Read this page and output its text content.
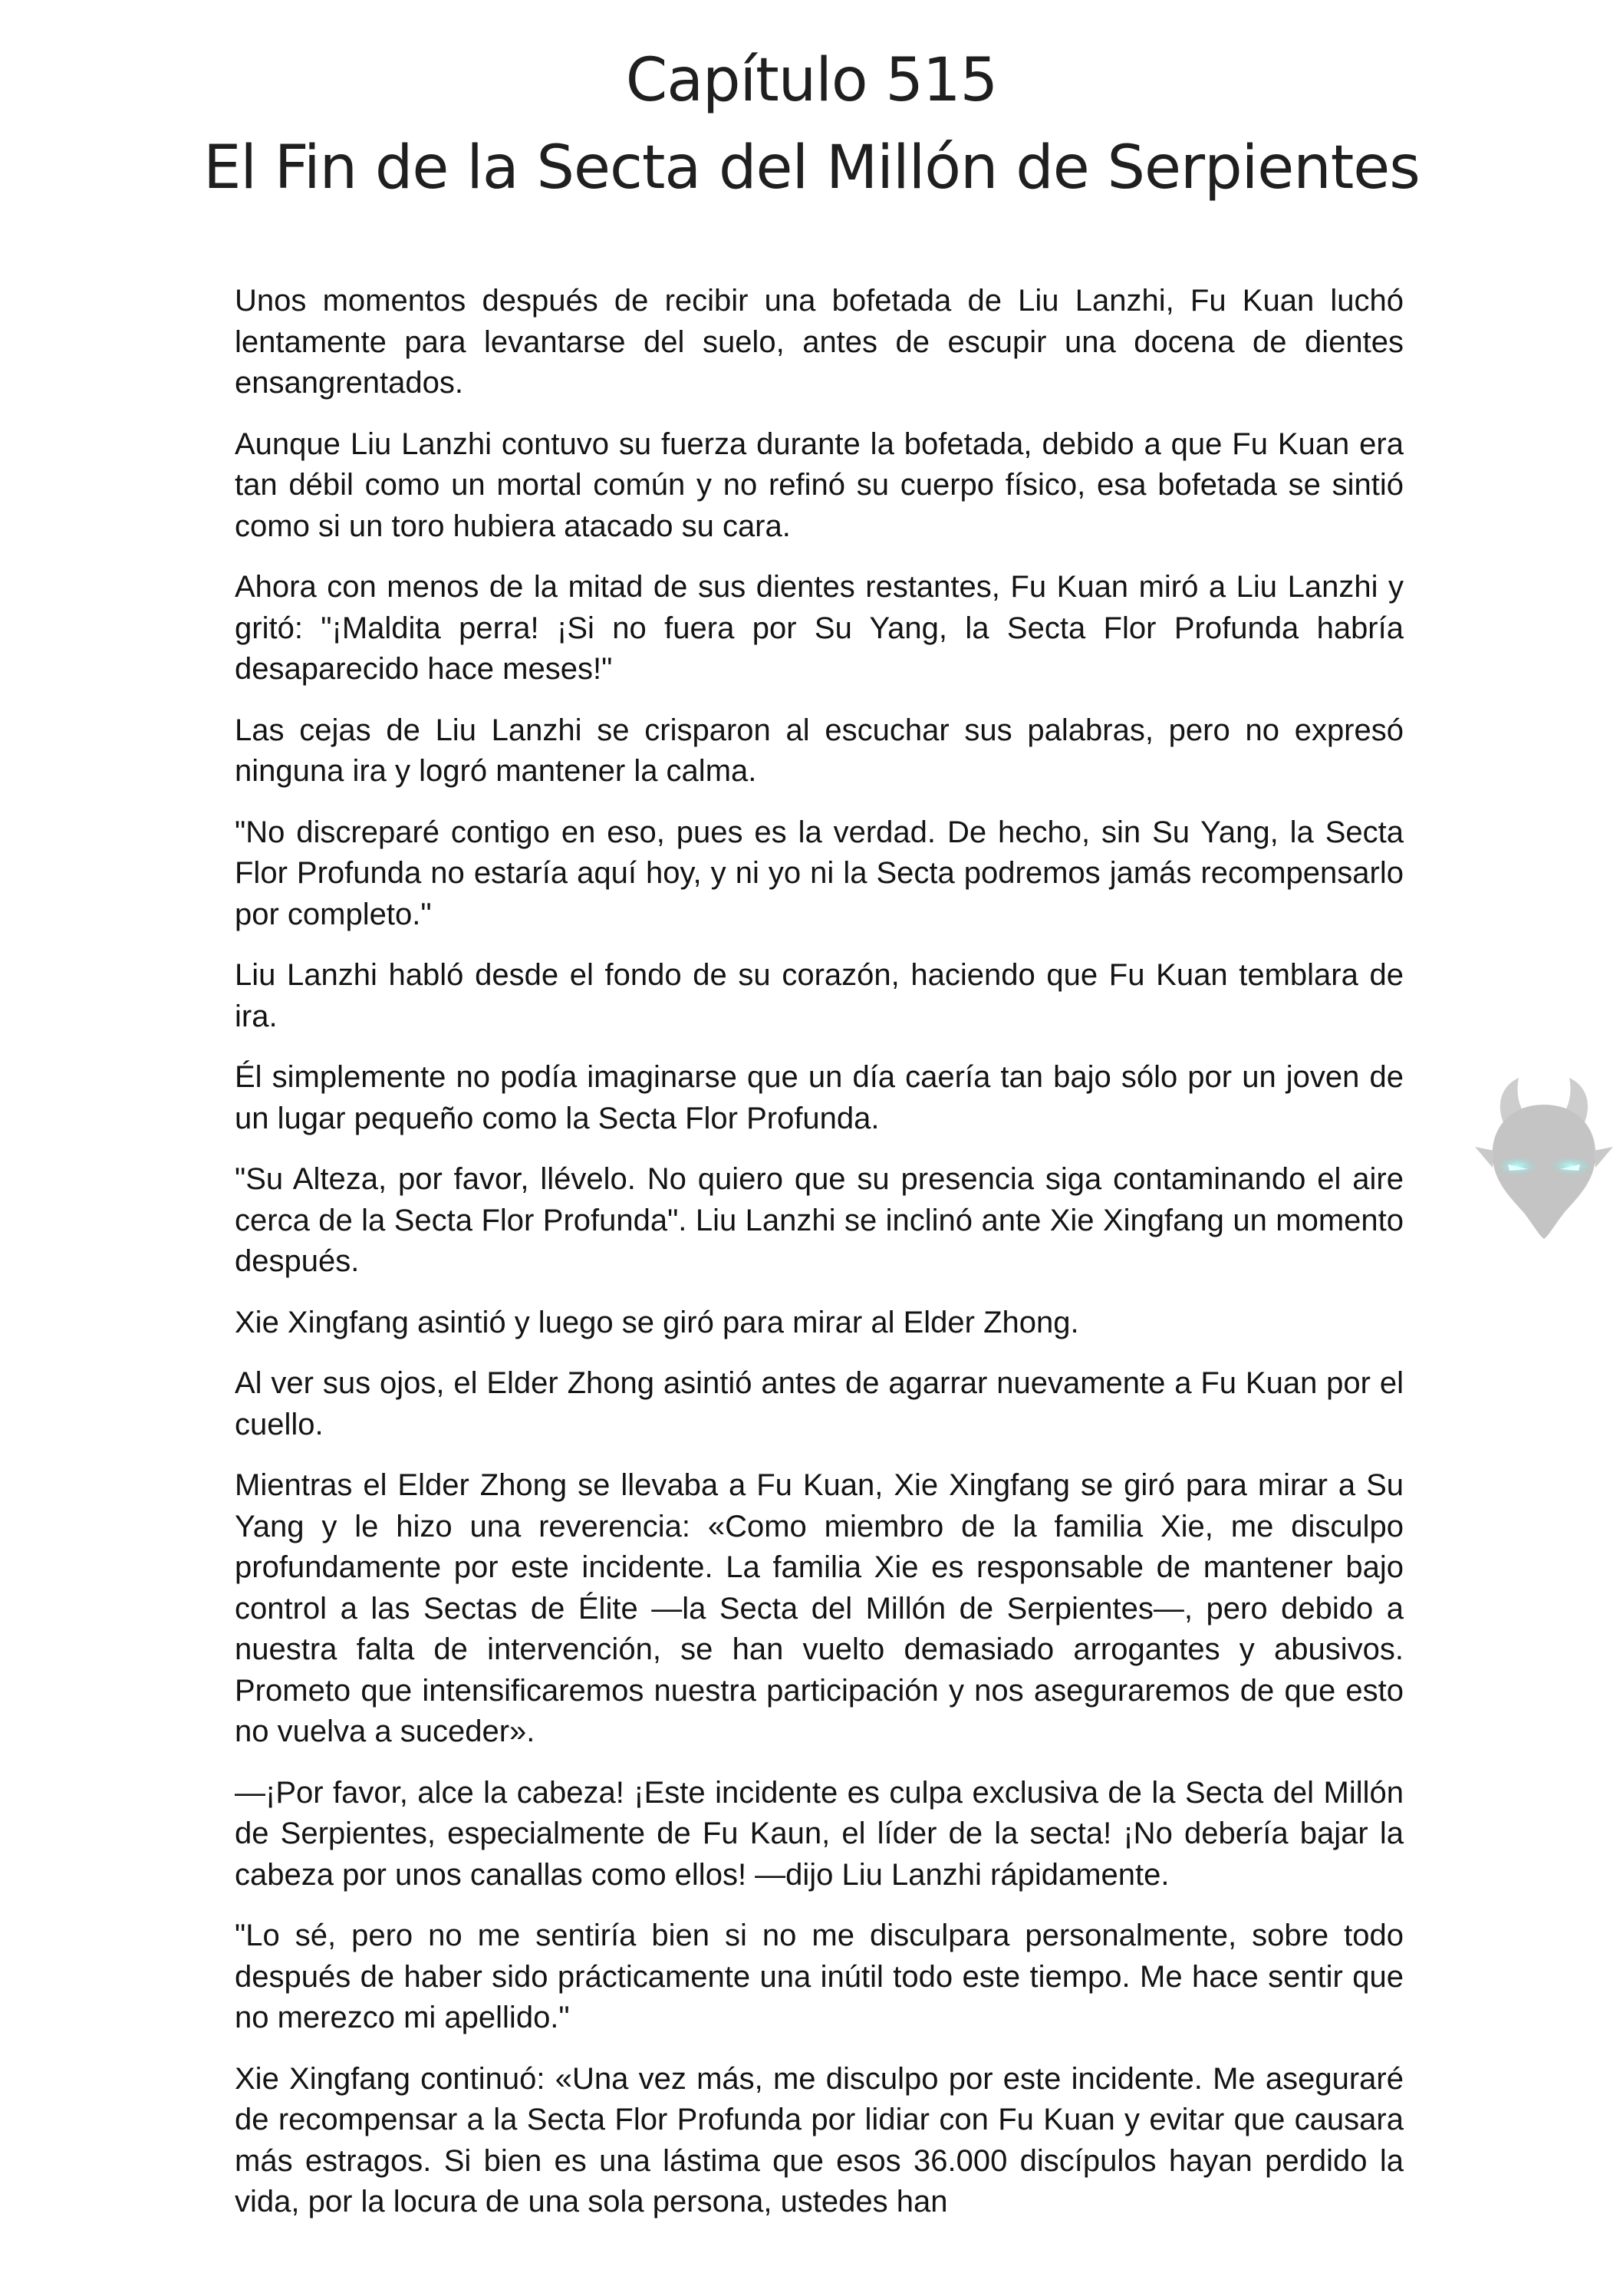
Capítulo 515
El Fin de la Secta del Millón de Serpientes

Unos momentos después de recibir una bofetada de Liu Lanzhi, Fu Kuan luchó lentamente para levantarse del suelo, antes de escupir una docena de dientes ensangrentados.

Aunque Liu Lanzhi contuvo su fuerza durante la bofetada, debido a que Fu Kuan era tan débil como un mortal común y no refinó su cuerpo físico, esa bofetada se sintió como si un toro hubiera atacado su cara.

Ahora con menos de la mitad de sus dientes restantes, Fu Kuan miró a Liu Lanzhi y gritó: "¡Maldita perra! ¡Si no fuera por Su Yang, la Secta Flor Profunda habría desaparecido hace meses!"

Las cejas de Liu Lanzhi se crisparon al escuchar sus palabras, pero no expresó ninguna ira y logró mantener la calma.

"No discreparé contigo en eso, pues es la verdad. De hecho, sin Su Yang, la Secta Flor Profunda no estaría aquí hoy, y ni yo ni la Secta podremos jamás recompensarlo por completo."

Liu Lanzhi habló desde el fondo de su corazón, haciendo que Fu Kuan temblara de ira.

Él simplemente no podía imaginarse que un día caería tan bajo sólo por un joven de un lugar pequeño como la Secta Flor Profunda.

"Su Alteza, por favor, llévelo. No quiero que su presencia siga contaminando el aire cerca de la Secta Flor Profunda". Liu Lanzhi se inclinó ante Xie Xingfang un momento después.

Xie Xingfang asintió y luego se giró para mirar al Elder Zhong.

Al ver sus ojos, el Elder Zhong asintió antes de agarrar nuevamente a Fu Kuan por el cuello.

Mientras el Elder Zhong se llevaba a Fu Kuan, Xie Xingfang se giró para mirar a Su Yang y le hizo una reverencia: «Como miembro de la familia Xie, me disculpo profundamente por este incidente. La familia Xie es responsable de mantener bajo control a las Sectas de Élite —la Secta del Millón de Serpientes—, pero debido a nuestra falta de intervención, se han vuelto demasiado arrogantes y abusivos. Prometo que intensificaremos nuestra participación y nos aseguraremos de que esto no vuelva a suceder».

—¡Por favor, alce la cabeza! ¡Este incidente es culpa exclusiva de la Secta del Millón de Serpientes, especialmente de Fu Kaun, el líder de la secta! ¡No debería bajar la cabeza por unos canallas como ellos! —dijo Liu Lanzhi rápidamente.

"Lo sé, pero no me sentiría bien si no me disculpara personalmente, sobre todo después de haber sido prácticamente una inútil todo este tiempo. Me hace sentir que no merezco mi apellido."

Xie Xingfang continuó: «Una vez más, me disculpo por este incidente. Me aseguraré de recompensar a la Secta Flor Profunda por lidiar con Fu Kuan y evitar que causara más estragos. Si bien es una lástima que esos 36.000 discípulos hayan perdido la vida, por la locura de una sola persona, ustedes han
